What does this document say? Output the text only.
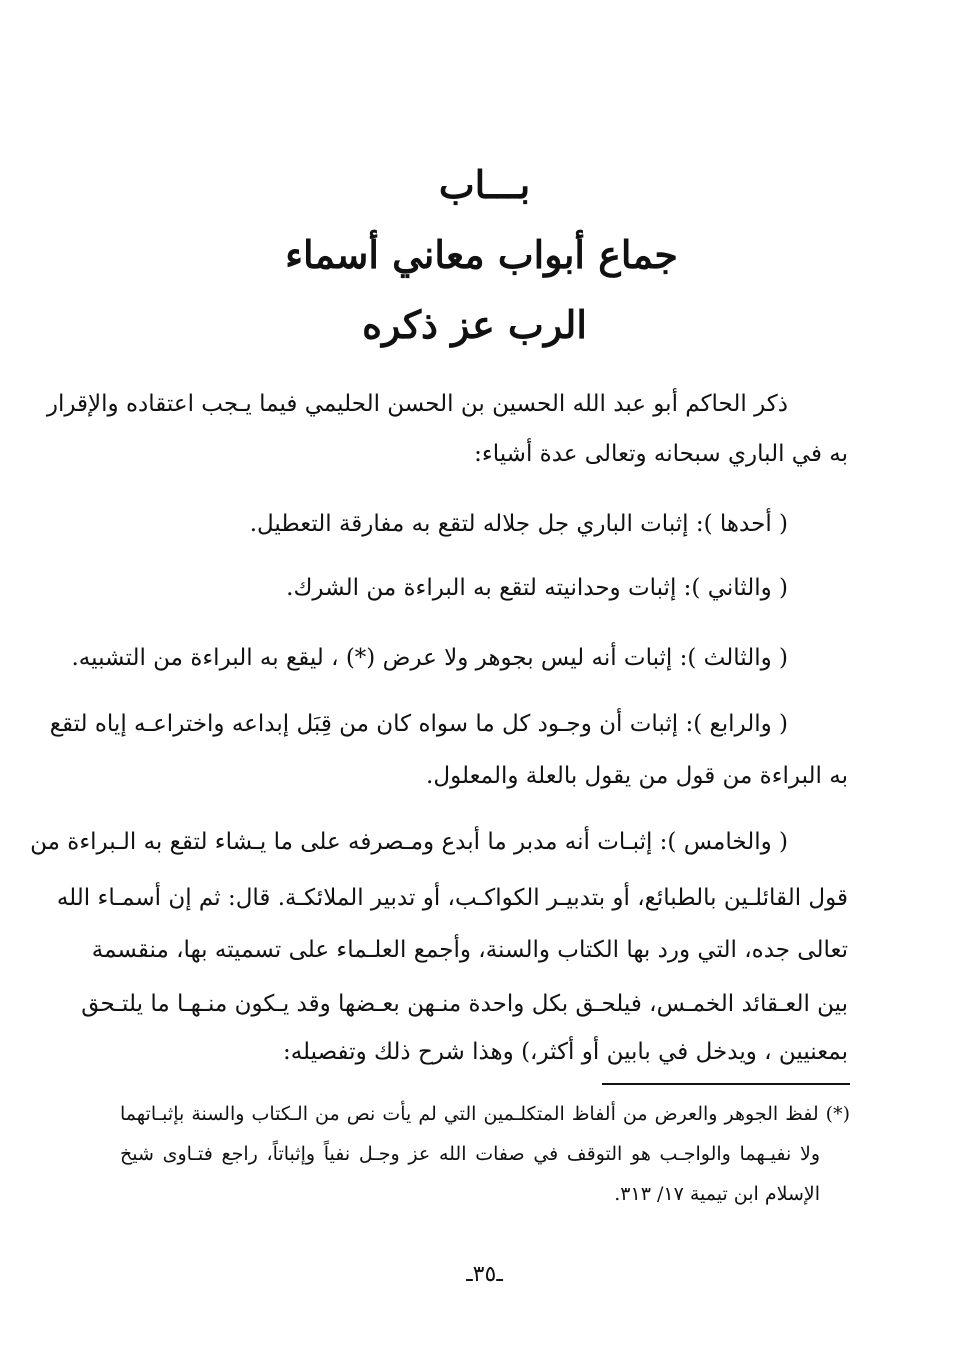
بـــاب
جماع أبواب معاني أسماء
الرب عز ذكره
ذكر الحاكم أبو عبد الله الحسين بن الحسن الحليمي فيما يـجب اعتقاده والإقرار
به في الباري سبحانه وتعالى عدة أشياء:
( أحدها ): إثبات الباري جل جلاله لتقع به مفارقة التعطيل.
( والثاني ): إثبات وحدانيته لتقع به البراءة من الشرك.
( والثالث ): إثبات أنه ليس بجوهر ولا عرض (*) ، ليقع به البراءة من التشبيه.
( والرابع ): إثبات أن وجـود كل ما سواه كان من قِبَل إبداعه واختراعـه إياه لتقع
به البراءة من قول من يقول بالعلة والمعلول.
( والخامس ): إثبـات أنه مدبر ما أبدع ومـصرفه على ما يـشاء لتقع به الـبراءة من
قول القائلـين بالطبائع، أو بتدبيـر الكواكـب، أو تدبير الملائكـة. قال: ثم إن أسمـاء الله
تعالى جده، التي ورد بها الكتاب والسنة، وأجمع العلـماء على تسميته بها، منقسمة
بين العـقائد الخمـس، فيلحـق بكل واحدة منـهن بعـضها وقد يـكون منـهـا ما يلتـحق
بمعنيين ، ويدخل في بابين أو أكثر،) وهذا شرح ذلك وتفصيله:
(*) لفظ الجوهر والعرض من ألفاظ المتكلـمين التي لم يأت نص من الـكتاب والسنة بإثبـاتهما
ولا نفيـهما والواجـب هو التوقف في صفات الله عز وجـل نفياً وإثباتاً، راجع فتـاوى شيخ
الإسلام ابن تيمية ١٧/ ٣١٣.
ـ٣٥ـ
